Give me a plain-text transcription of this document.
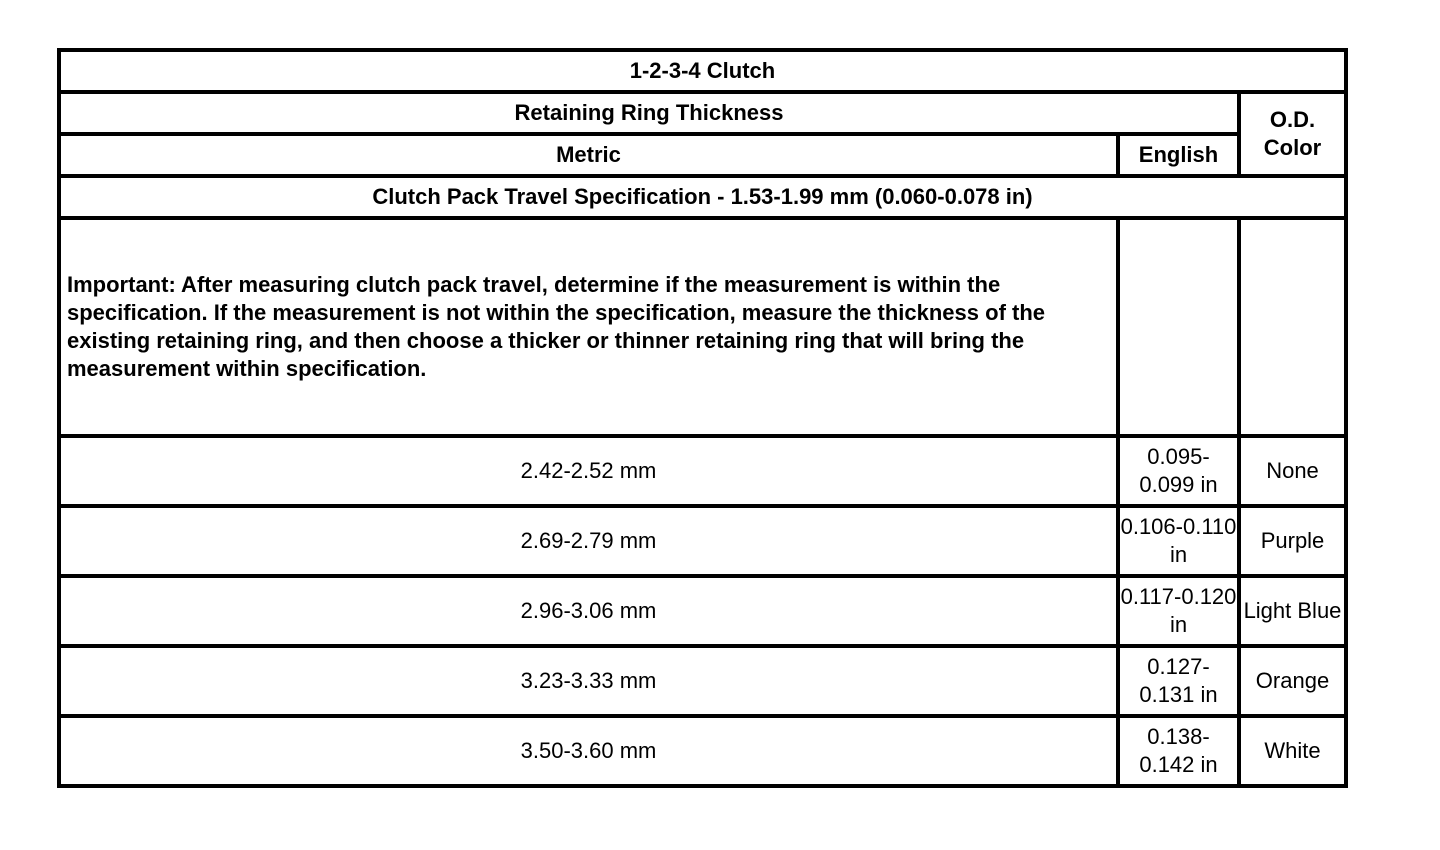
1-2-3-4 Clutch		
Retaining Ring Thickness		O.D. Color
Metric	English	
Clutch Pack Travel Specification - 1.53-1.99 mm (0.060-0.078 in)		
Important: After measuring clutch pack travel, determine if the measurement is within the specification. If the measurement is not within the specification, measure the thickness of the existing retaining ring, and then choose a thicker or thinner retaining ring that will bring the measurement within specification.		
2.42-2.52 mm	0.095-0.099 in	None
2.69-2.79 mm	0.106-0.110 in	Purple
2.96-3.06 mm	0.117-0.120 in	Light Blue
3.23-3.33 mm	0.127-0.131 in	Orange
3.50-3.60 mm	0.138-0.142 in	White
